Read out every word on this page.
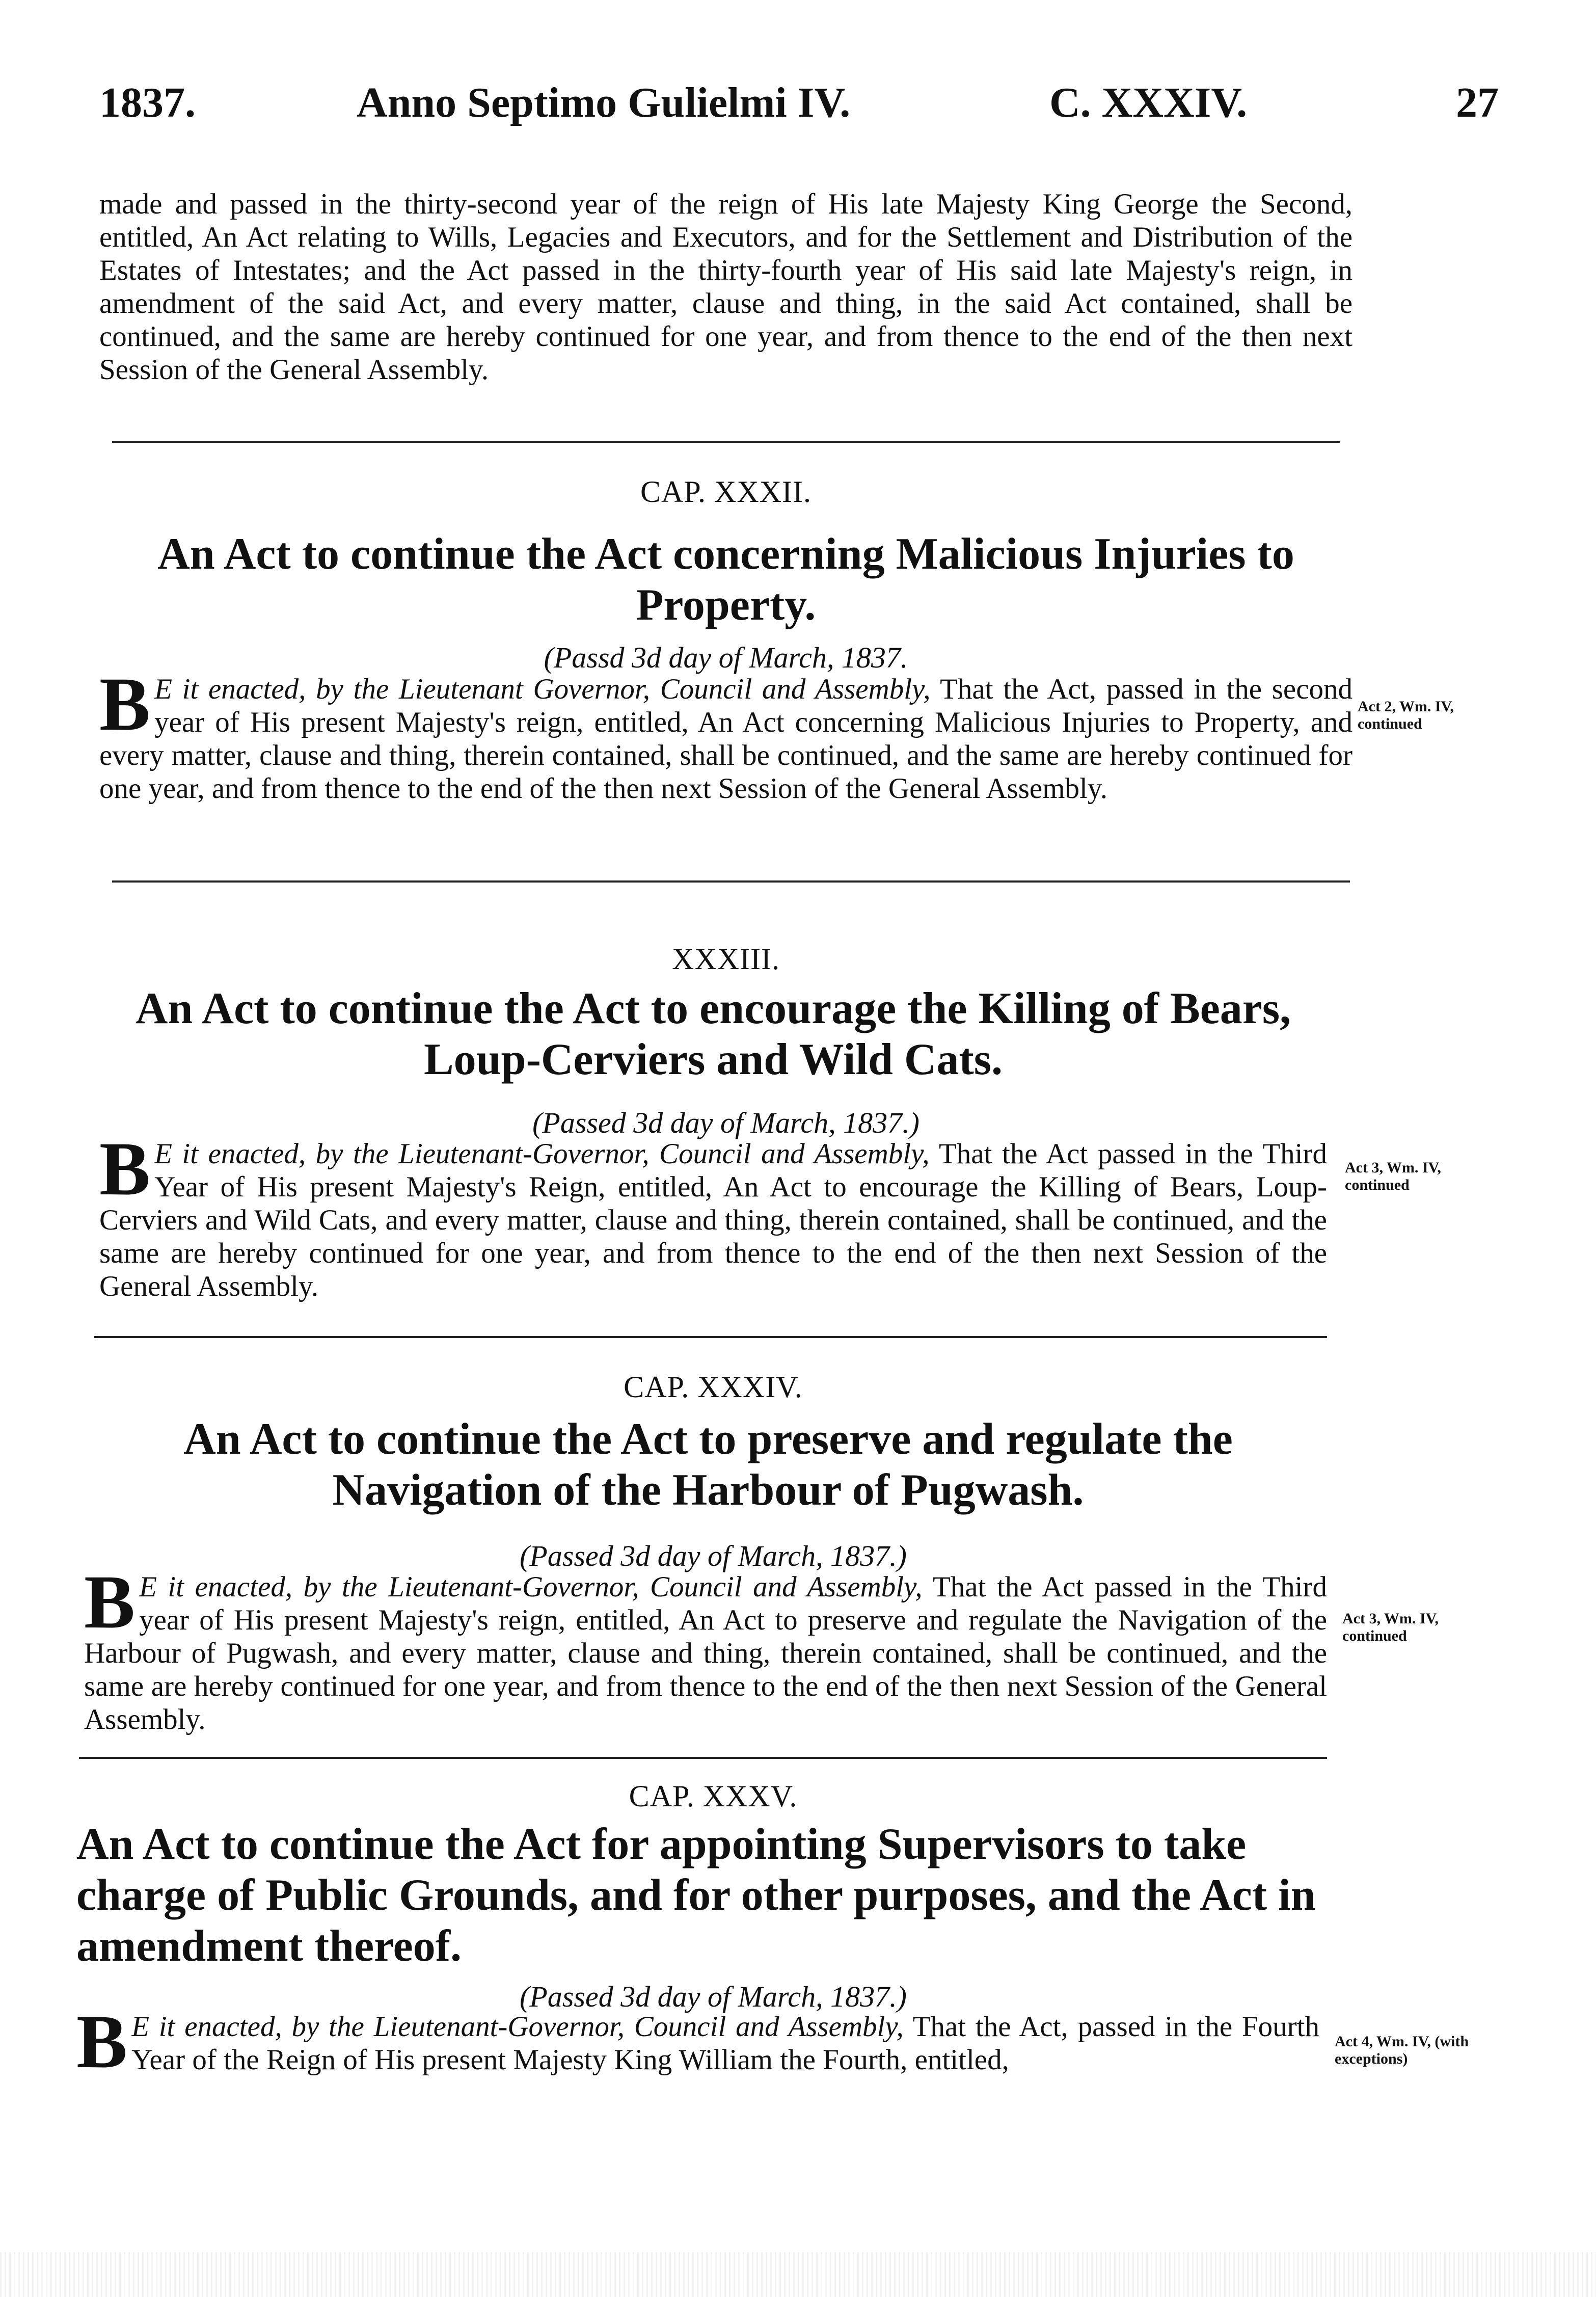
1837.	Anno Septimo Gulielmi IV.	C. XXXIV.	27
made and passed in the thirty-second year of the reign of His late Majesty King George the Second, entitled, An Act relating to Wills, Legacies and Executors, and for the Settlement and Distribution of the Estates of Intestates; and the Act passed in the thirty-fourth year of His said late Majesty's reign, in amendment of the said Act, and every matter, clause and thing, in the said Act contained, shall be continued, and the same are hereby continued for one year, and from thence to the end of the then next Session of the General Assembly.
CAP. XXXII.
An Act to continue the Act concerning Malicious Injuries to Property.
(Passd 3d day of March, 1837.
B E it enacted, by the Lieutenant Governor, Council and Assembly, That the Act, passed in the second year of His present Majesty's reign, entitled, An Act concerning Malicious Injuries to Property, and every matter, clause and thing, therein contained, shall be continued, and the same are hereby continued for one year, and from thence to the end of the then next Session of the General Assembly.
Act 2, Wm. IV, continued
XXXIII.
An Act to continue the Act to encourage the Killing of Bears, Loup-Cerviers and Wild Cats.
(Passed 3d day of March, 1837.)
B E it enacted, by the Lieutenant-Governor, Council and Assembly, That the Act passed in the Third Year of His present Majesty's Reign, entitled, An Act to encourage the Killing of Bears, Loup-Cerviers and Wild Cats, and every matter, clause and thing, therein contained, shall be continued, and the same are hereby continued for one year, and from thence to the end of the then next Session of the General Assembly.
Act 3, Wm. IV, continued
CAP. XXXIV.
An Act to continue the Act to preserve and regulate the Navigation of the Harbour of Pugwash.
(Passed 3d day of March, 1837.)
B E it enacted, by the Lieutenant-Governor, Council and Assembly, That the Act passed in the Third year of His present Majesty's reign, entitled, An Act to preserve and regulate the Navigation of the Harbour of Pugwash, and every matter, clause and thing, therein contained, shall be continued, and the same are hereby continued for one year, and from thence to the end of the then next Session of the General Assembly.
Act 3, Wm. IV, continued
CAP. XXXV.
An Act to continue the Act for appointing Supervisors to take charge of Public Grounds, and for other purposes, and the Act in amendment thereof.
(Passed 3d day of March, 1837.)
B E it enacted, by the Lieutenant-Governor, Council and Assembly, That the Act, passed in the Fourth Year of the Reign of His present Majesty King William the Fourth, entitled,
Act 4, Wm. IV, (with exceptions)
